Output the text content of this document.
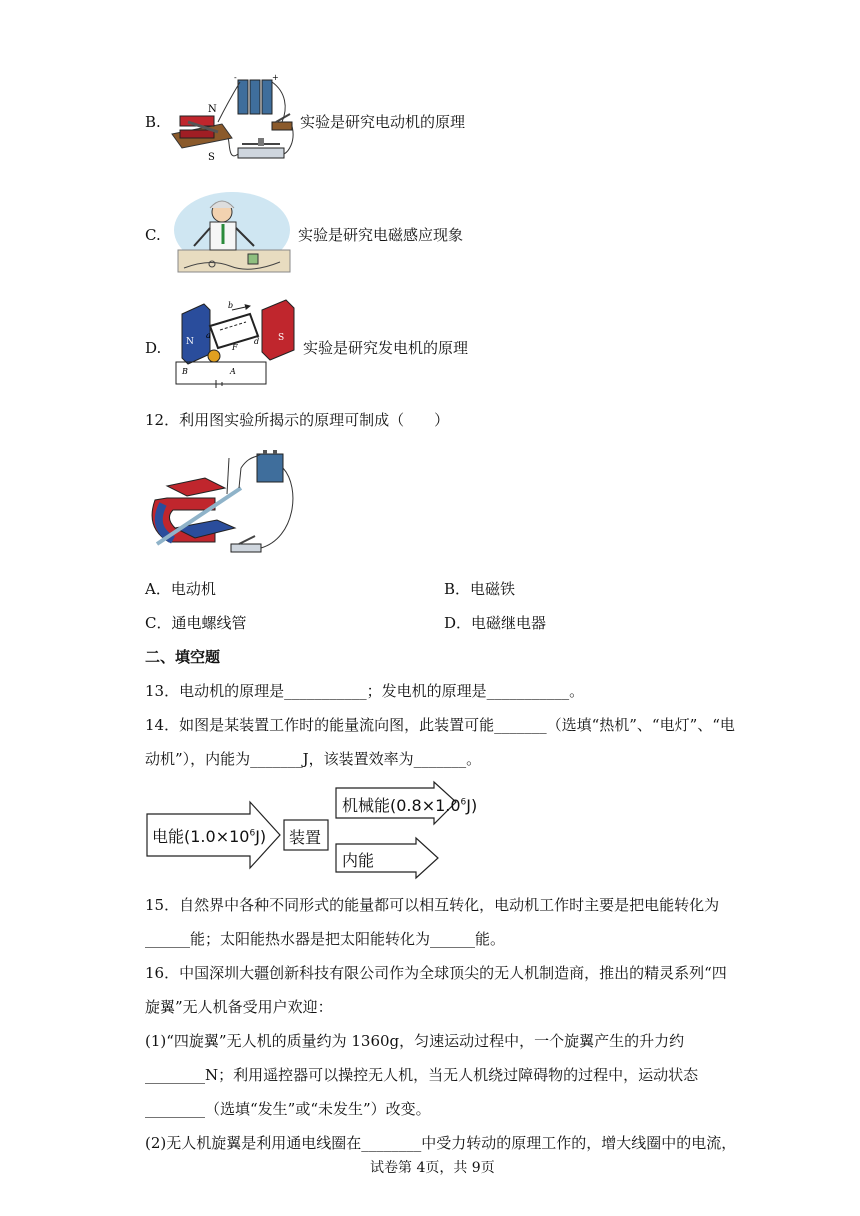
B.
N
S
-	+
实验是研究电动机的原理
C.	实验是研究电磁感应现象
D.	N	S
b
a
d
F
B	A
实验是研究发电机的原理
12．利用图实验所揭示的原理可制成（　　）
A．电动机	B．电磁铁
C．通电螺线管	D．电磁继电器
二、填空题
13．电动机的原理是___________；发电机的原理是___________。
14．如图是某装置工作时的能量流向图，此装置可能_______（选填“热机”、“电灯”、“电
动机”），内能为_______J，该装置效率为_______。
电能$(1.0\times 10^6J)$ 装置
机械能$(0.8\times 1.0^6J)$
内能
15．自然界中各种不同形式的能量都可以相互转化，电动机工作时主要是把电能转化为
______能；太阳能热水器是把太阳能转化为______能。
16．中国深圳大疆创新科技有限公司作为全球顶尖的无人机制造商，推出的精灵系列“四
旋翼”无人机备受用户欢迎：
(1)“四旋翼”无人机的质量约为 1360g，匀速运动过程中，一个旋翼产生的升力约
________N；利用遥控器可以操控无人机，当无人机绕过障碍物的过程中，运动状态
________（选填“发生”或“未发生”）改变。
(2)无人机旋翼是利用通电线圈在________中受力转动的原理工作的，增大线圈中的电流，
试卷第 4页，共 9页
